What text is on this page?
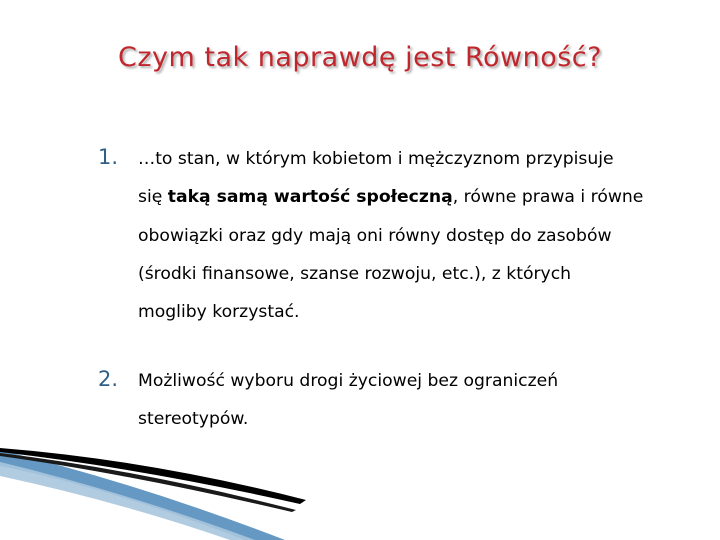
Czym tak naprawdę jest Równość?
1. …to stan, w którym kobietom i mężczyznom przypisuje
się taką samą wartość społeczną, równe prawa i równe
obowiązki oraz gdy mają oni równy dostęp do zasobów
(środki finansowe, szanse rozwoju, etc.), z których
mogliby korzystać.
2. Możliwość wyboru drogi życiowej bez ograniczeń
stereotypów.
